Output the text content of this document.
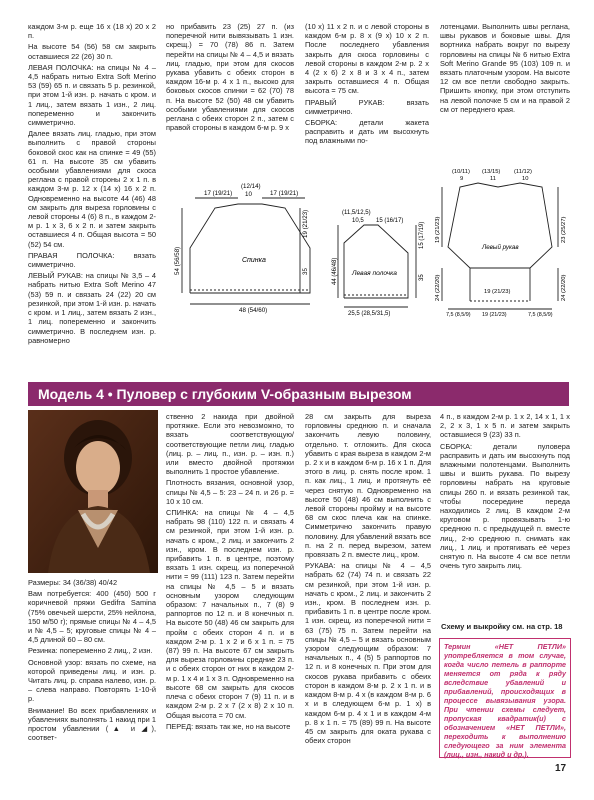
каждом 3-м р. еще 16 х (18 х) 20 х 2 п.

На высоте 54 (56) 58 см закрыть оставшиеся 22 (26) 30 п.

ЛЕВАЯ ПОЛОЧКА: на спицы № 4 – 4,5 набрать нитью Extra Soft Merino 53 (59) 65 п. и связать 5 р. резинкой, при этом 1-й изн. р. начать с кром. и 1 лиц., затем вязать 1 изн., 2 лиц. попеременно и закончить симметрично.

Далее вязать лиц. гладью, при этом выполнить с правой стороны боковой скос как на спинке = 49 (55) 61 п. На высоте 35 см убавить особыми убавлениями для скоса реглана с правой стороны 2 х 1 п. в каждом 3-м р. 12 х (14 х) 16 х 2 п. Одновременно на высоте 44 (46) 48 см закрыть для выреза горловины с левой стороны 4 (6) 8 п., в каждом 2-м р. 1 х 3, 6 х 2 п. и затем закрыть оставшиеся 4 п. Общая высота = 50 (52) 54 см.

ПРАВАЯ ПОЛОЧКА: вязать симметрично.

ЛЕВЫЙ РУКАВ: на спицы № 3,5 – 4 набрать нитью Extra Soft Merino 47 (53) 59 п. и связать 24 (22) 20 см резинкой, при этом 1-й изн. р. начать с кром. и 1 лиц., затем вязать 2 изн., 1 лиц. попеременно и закончить симметрично. В последнем изн. р. равномерно

но прибавить 23 (25) 27 п. (из поперечной нити вывязывать 1 изн. скрещ.) = 70 (78) 86 п. Затем перейти на спицы № 4 – 4,5 и вязать лиц. гладью, при этом для скосов рукава убавить с обеих сторон в каждом 16-м р. 4 х 1 п., высоко для боковых скосов спинки = 62 (70) 78 п. На высоте 52 (50) 48 см убавить особыми убавлениями для скосов реглана с обеих сторон 2 п., затем с правой стороны в каждом 6-м р. 9 х

(10 х) 11 х 2 п. и с левой стороны в каждом 6-м р. 8 х (9 х) 10 х 2 п. После последнего убавления закрыть для скоса горловины с левой стороны в каждом 2-м р. 2 х 4 (2 х 6) 2 х 8 и 3 х 4 п., затем закрыть оставшиеся 4 п. Общая высота = 75 см.

ПРАВЫЙ РУКАВ: вязать симметрично.

СБОРКА: детали жакета расправить и дать им высохнуть под влажными по-

лотенцами. Выполнить швы реглана, швы рукавов и боковые швы. Для вортника набрать вокруг по вырезу горловины на спицы № 6 нитью Extra Soft Merino Grande 95 (103) 109 п. и вязать платочным узором. На высоте 12 см все петли свободно закрыть. Пришить кнопку, при этом отступить на левой полочке 5 см и на правой 2 см от переднего края.

17 (19/21)	17 (19/21)
(12/14)
10
Спинка
48 (54/60)
54 (56/58)
19 (21/23)
35
(11,5/12,5)
10,5 15 (16/17)
Левая полочка
25,5 (28,5/31,5)
44 (46/48)
15 (17/19)
35
(10/11)
9
(13/15)
11
(11/12)
10
Левый рукав
19 (21/23)	23 (25/27)
24 (22/20)	24 (22/20)
19 (21/23)
7,5 (8,5/9) 19 (21/23)	7,5 (8,5/9)
Модель 4 • Пуловер с глубоким V-образным вырезом

Размеры: 34 (36/38) 40/42

Вам потребуется: 400 (450) 500 г коричневой пряжи Gedifra Samina (75% овечьей шерсти, 25% нейлона, 150 м/50 г); прямые спицы № 4 – 4,5 и № 4,5 – 5; круговые спицы № 4 – 4,5 длиной 60 – 80 см.

Резинка: попеременно 2 лиц., 2 изн.

Основной узор: вязать по схеме, на которой приведены лиц. и изн. р. Читать лиц. р. справа налево, изн. р. – слева направо. Повторять 1-10-й р.

Внимание! Во всех прибавлениях и убавлениях выполнять 1 накид при 1 простом убавлении (▲ и ◢), соответ-

ственно 2 накида при двойной протяжке. Если это невозможно, то вязать соответствующую/соответствующие петли лиц. гладью (лиц. р. – лиц. п., изн. р. – изн. п.) или вместо двойной протяжки выполнить 1 простое убавление.

Плотность вязания, основной узор, спицы № 4,5 – 5: 23 – 24 п. и 26 р. = 10 х 10 см.

СПИНКА: на спицы № 4 – 4,5 набрать 98 (110) 122 п. и связать 4 см резинкой, при этом 1-й изн. р. начать с кром., 2 лиц. и закончить 2 изн., кром. В последнем изн. р. прибавить 1 п. в центре, поэтому вязать 1 изн. скрещ. из поперечной нити = 99 (111) 123 п. Затем перейти на спицы № 4,5 – 5 и вязать основным узором следующим образом: 7 начальных п., 7 (8) 9 раппортов по 12 п. и 8 конечных п. На высоте 50 (48) 46 см закрыть для пройм с обеих сторон 4 п. и в каждом 2-м р. 1 х 2 и 6 х 1 п. = 75 (87) 99 п. На высоте 67 см закрыть для выреза горловины средние 23 п. и с обеих сторон от них в каждом 2-м р. 1 х 4 и 1 х 3 п. Одновременно на высоте 68 см закрыть для скосов плеча с обеих сторон 7 (9) 11 п. и в каждом 2-м р. 2 х 7 (2 х 8) 2 х 10 п. Общая высота = 70 см.

ПЕРЕД: вязать так же, но на высоте

28 см закрыть для выреза горловины среднюю п. и сначала закончить левую половину, отдельно. т. отложить. Для скоса убавить с края выреза в каждом 2-м р. 2 х и в каждом 6-м р. 16 х 1 п. Для этого в лиц. р. снять после кром. 1 п. как лиц., 1 лиц. и протянуть её через снятую п. Одновременно на высоте 50 (48) 46 см выполнить с левой стороны пройму и на высоте 68 см скос плеча как на спинке. Симметрично закончить правую половину. Для убавлений вязать все п. на 2 п. перед вырезом, затем провязать 2 п. вместе лиц., кром.

РУКАВА: на спицы № 4 – 4,5 набрать 62 (74) 74 п. и связать 22 см резинкой, при этом 1-й изн. р. начать с кром., 2 лиц. и закончить 2 изн., кром. В последнем изн. р. прибавить 1 п. в центре после кром. 1 изн. скрещ. из поперечной нити = 63 (75) 75 п. Затем перейти на спицы № 4,5 – 5 и вязать основным узором следующим образом: 7 начальных п., 4 (5) 5 раппортов по 12 п. и 8 конечных п. При этом для скосов рукава прибавить с обеих сторон в каждом 8-м р. 2 х 1 п. и в каждом 8-м р. 4 х (в каждом 8-м р. 6 х и в следующем 6-м р. 1 х) в каждом 6-м р. 4 х 1 и в каждом 4-м р. 8 х 1 п. = 75 (89) 99 п. На высоте 45 см закрыть для оката рукава с обеих сторон

4 п., в каждом 2-м р. 1 х 2, 14 х 1, 1 х 2, 2 х 3, 1 х 5 п. и затем закрыть оставшиеся 9 (23) 33 п.

СБОРКА: детали пуловера расправить и дать им высохнуть под влажными полотенцами. Выполнить швы и вшить рукава. По вырезу горловины набрать на круговые спицы 260 п. и вязать резинкой так, чтобы посередине переда находились 2 лиц. В каждом 2-м круговом р. провязывать 1-ю среднюю п. с предыдущей п. вместе лиц., 2-ю среднюю п. снимать как лиц., 1 лиц. и протягивать её через снятую п. На высоте 4 см все петли очень туго закрыть лиц.

Схему и выкройку см. на стр. 18
Термин «НЕТ ПЕТЛИ» употребляется в том случае, когда число петель в раппорте меняется от ряда к ряду вследствие убавлений и прибавлений, происходящих в процессе вывязывания узора. При чтении схемы следует, пропуская квадратик(и) с обозначением «НЕТ ПЕТЛИ», переходить к выполнению следующего за ним элемента (лиц., изн., накид и др.).
17
